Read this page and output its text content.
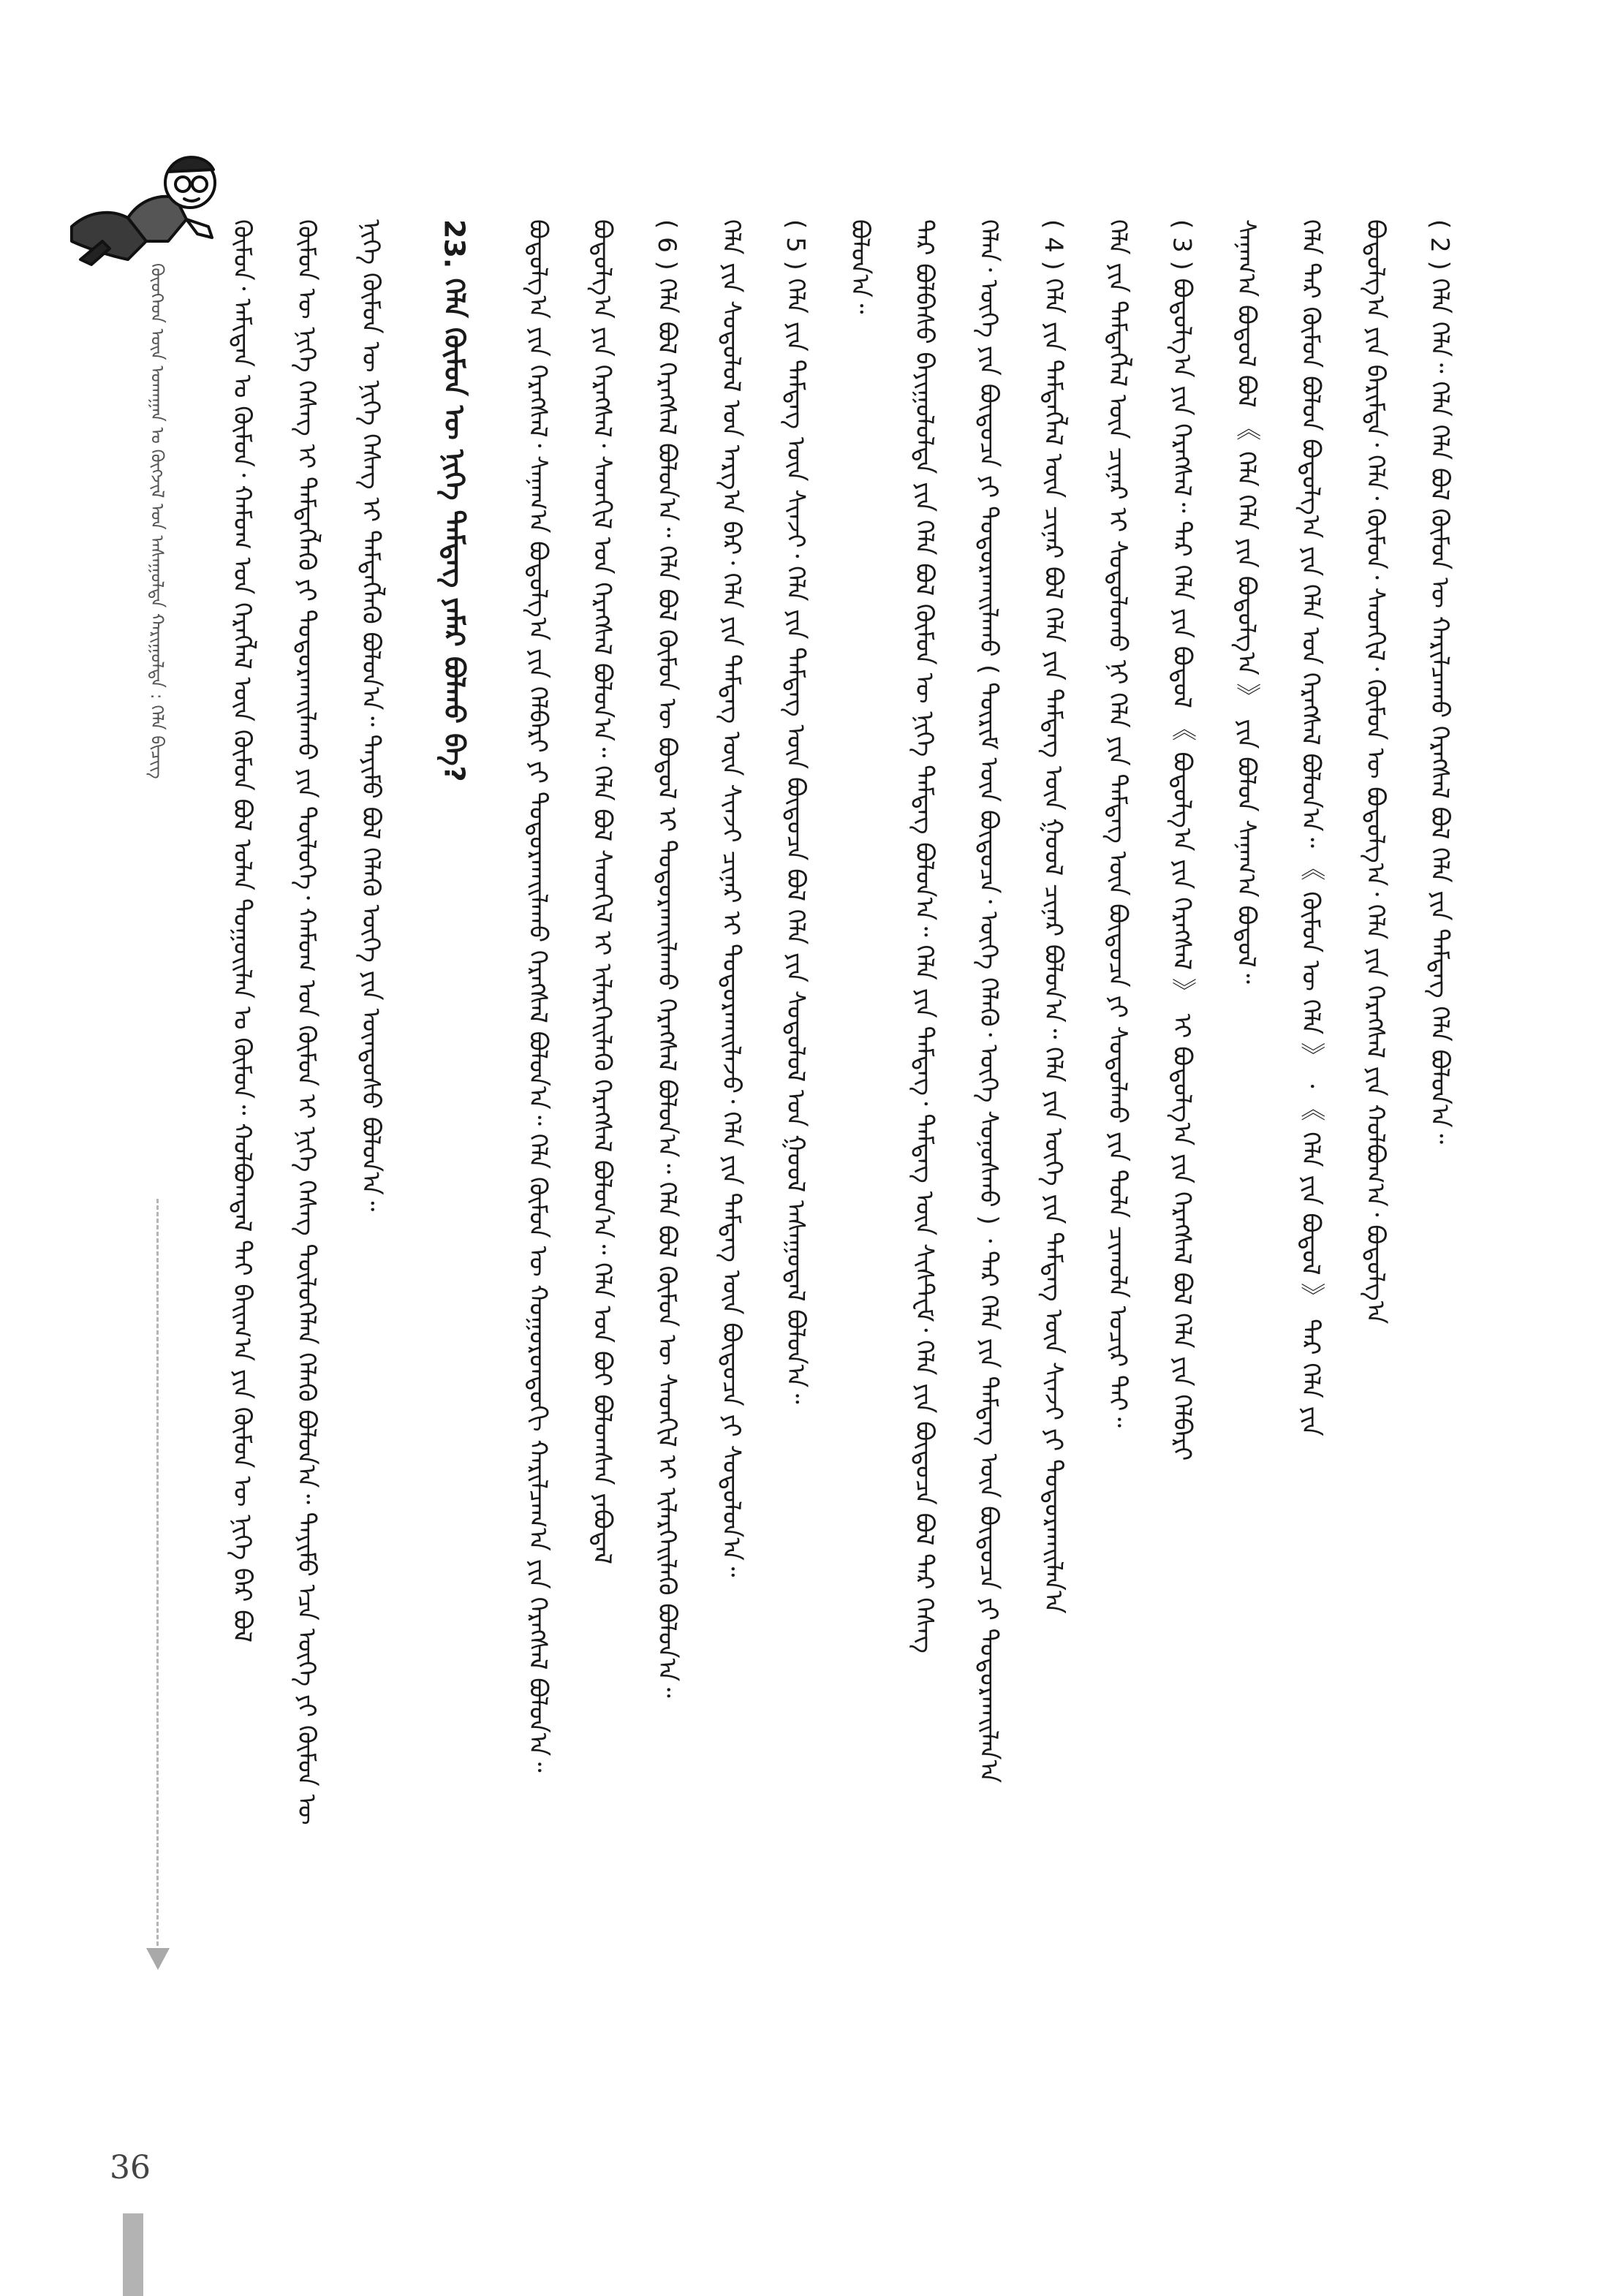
ᠬᠦᠦᠬᠡᠳ ᠦᠨ ᠤᠬᠠᠭᠠᠨ ᠤ ᠬᠥᠭᠵᠢᠯ ᠤᠨ ᠠᠰᠠᠭᠤᠯᠲᠠ ᠬᠠᠷᠢᠭᠤᠯᠲᠠ : ᠬᠡᠯᠡ ᠪᠢᠴᠢᠭ	ᠬᠦᠮᠦᠨ᠂ ᠠᠮᠢᠲᠠᠨ ᠤ ᠬᠦᠮᠦᠨ᠂ ᠬᠠᠮᠤᠭ ᠤᠨ ᠬᠡᠷᠡᠭᠯᠡᠯ ᠦᠨ ᠬᠦᠮᠦᠨ ᠪᠣᠯ ᠤᠯᠠᠨ ᠳᠣᠭᠣᠢᠯᠠᠨ ᠤ ᠬᠦᠮᠦᠨ᠃ ᠬᠣᠯᠪᠣᠭᠳᠠᠯ ᠲᠠᠢ ᠪᠠᠢᠭ᠎ᠠ ᠶᠢᠨ ᠬᠦᠮᠦᠨ ᠦ ᠨᠢᠭᠡ ᠪᠡᠷ ᠪᠣᠯ	ᠬᠦᠮᠦᠨ ᠦ ᠨᠢᠭᠡ ᠬᠡᠰᠡᠭ ᠢ ᠲᠡᠮᠳᠡᠭᠯᠡᠬᠦ ᠶᠢ ᠲᠣᠳᠣᠷᠬᠠᠢᠯᠠᠬᠤ ᠶᠢᠨ ᠲᠥᠯᠦᠭᠡ᠂ ᠬᠠᠮᠤᠭ ᠤᠨ ᠬᠦᠮᠦᠨ ᠢ ᠨᠢᠭᠡ ᠬᠡᠰᠡᠭ ᠲᠥᠯᠦᠭᠡᠯᠡᠨ ᠬᠡᠯᠡᠬᠦ ᠪᠣᠯᠣᠨ᠎ᠠ᠃ ᠲᠡᠶᠢᠮᠦ ᠡᠴᠡ ᠦᠭᠡ ᠶᠢ ᠬᠦᠮᠦᠨ ᠦ	ᠨᠢᠭᠡ ᠬᠦᠮᠦᠨ ᠦ ᠨᠢᠭᠡ ᠬᠡᠰᠡᠭ ᠢ ᠲᠡᠮᠳᠡᠭᠯᠡᠬᠦ ᠪᠣᠯᠣᠨ᠎ᠠ᠃ ᠲᠡᠶᠢᠮᠦ ᠪᠣᠯ ᠬᠡᠯᠡᠬᠦ ᠦᠭᠡ ᠶᠢᠨ ᠦᠨᠳᠦᠰᠦ ᠪᠣᠯᠤᠨ᠎ᠠ᠃ 23. ᠬᠡᠯᠡ ᠬᠦᠮᠦᠨ ᠦ ᠨᠢᠭᠡ ᠲᠡᠮᠳᠡᠭ ᠶᠠᠮᠠᠷ ᠪᠣᠯᠬᠤ ᠪᠡ?	ᠪᠣᠳᠣᠯᠭ᠎ᠠ ᠶᠢᠨ ᠬᠡᠷᠡᠭᠰᠡᠯ᠂ ᠰᠠᠨᠠᠭ᠎ᠠ ᠪᠣᠳᠣᠯᠭ᠎ᠠ ᠶᠢᠨ ᠬᠡᠯᠪᠡᠷᠢ ᠶᠢ ᠲᠣᠳᠣᠷᠬᠠᠢᠯᠠᠬᠤ ᠬᠡᠷᠡᠭᠰᠡᠯ ᠪᠣᠯᠤᠨ᠎ᠠ᠃ ᠬᠡᠯᠡ ᠬᠦᠮᠦᠨ ᠦ ᠬᠣᠭᠣᠷᠣᠨᠳᠣᠬᠢ ᠬᠠᠷᠢᠯᠴᠠᠭ᠎ᠠ ᠶᠢᠨ ᠬᠡᠷᠡᠭᠰᠡᠯ ᠪᠣᠯᠣᠨ᠎ᠠ᠃	ᠪᠣᠳᠣᠯᠭ᠎ᠠ ᠶᠢᠨ ᠬᠡᠷᠡᠭᠰᠡᠯ᠂ ᠰᠡᠳᠭᠢᠯ ᠤᠨ ᠬᠡᠷᠡᠭᠰᠡᠯ ᠪᠣᠯᠣᠨ᠎ᠠ᠃ ᠬᠡᠯᠡ ᠪᠣᠯ ᠰᠡᠳᠬᠢᠯ ᠢ ᠢᠯᠡᠷᠬᠡᠢᠯᠡᠬᠦ ᠬᠡᠷᠡᠭᠰᠡᠯ ᠪᠣᠯᠣᠨ᠎ᠠ᠃ ᠬᠡᠯᠡ ᠤᠨ ᠪᠤᠢ ᠪᠣᠯᠤᠭᠰᠠᠨ ᠶᠠᠪᠤᠳᠠᠯ	( 6 ) ᠬᠡᠯᠡ ᠪᠣᠯ ᠬᠡᠷᠡᠭᠰᠡᠯ ᠪᠣᠯᠣᠨ᠎ᠠ᠃ ᠬᠡᠯᠡ ᠪᠣᠯ ᠬᠦᠮᠦᠨ ᠦ ᠪᠣᠳᠣᠯ ᠢ ᠲᠣᠳᠣᠷᠬᠠᠢᠯᠠᠬᠤ ᠬᠡᠷᠡᠭᠰᠡᠯ ᠪᠣᠯᠣᠨ᠎ᠠ᠃ ᠬᠡᠯᠡ ᠪᠣᠯ ᠬᠦᠮᠦᠨ ᠦ ᠰᠡᠳᠬᠢᠯ ᠢ ᠢᠯᠡᠷᠬᠡᠢᠯᠡᠬᠦ ᠪᠣᠯᠣᠨ᠎ᠠ᠃	ᠬᠡᠯᠡ ᠶᠢᠨ ᠰᠤᠳᠤᠯᠤᠯ ᠤᠨ ᠠᠷᠭ᠎ᠠ ᠪᠠᠷ᠂ ᠬᠡᠯᠡ ᠶᠢᠨ ᠲᠡᠮᠳᠡᠭ ᠦᠨ ᠰᠢᠨᠵᠢ ᠴᠢᠨᠠᠷ ᠢ ᠲᠣᠳᠣᠷᠬᠠᠢᠯᠠᠵᠤ᠂ ᠬᠡᠯᠡ ᠶᠢᠨ ᠲᠡᠮᠳᠡᠭ ᠦᠨ ᠪᠦᠲᠦᠴᠡ ᠶᠢ ᠰᠤᠳᠤᠯᠤᠨ᠎ᠠ᠃	( 5 ) ᠬᠡᠯᠡ ᠶᠢᠨ ᠲᠡᠮᠳᠡᠭ ᠦᠨ ᠰᠢᠨᠵᠢ᠂ ᠬᠡᠯᠡ ᠶᠢᠨ ᠲᠡᠮᠳᠡᠭ ᠦᠨ ᠪᠦᠲᠦᠴᠡ ᠪᠣᠯ ᠬᠡᠯᠡ ᠶᠢᠨ ᠰᠤᠳᠤᠯᠤᠯ ᠤᠨ ᠭᠣᠣᠯ ᠠᠰᠠᠭᠤᠳᠠᠯ ᠪᠣᠯᠣᠨ᠎ᠠ᠃	ᠪᠣᠯᠣᠨ᠎ᠠ᠃	ᠲᠡᠷ ᠪᠣᠯᠪᠠᠰᠤ ᠪᠠᠶᠢᠭᠤᠯᠤᠯᠲᠠ ᠶᠢᠨ ᠬᠡᠯᠡ ᠪᠣᠯ ᠬᠦᠮᠦᠨ ᠦ ᠨᠢᠭᠡ ᠲᠡᠮᠳᠡᠭ ᠪᠣᠯᠤᠨ᠎ᠠ᠃ ᠬᠡᠯᠡ ᠶᠢᠨ ᠲᠡᠮᠳᠡᠭ᠂ ᠲᠡᠮᠳᠡᠭ ᠦᠨ ᠰᠢᠰᠲᠧᠮ᠂ ᠬᠡᠯᠡ ᠶᠢᠨ ᠪᠦᠲᠦᠴᠡ ᠪᠣᠯ ᠲᠡᠷ ᠬᠡᠰᠡᠭ	ᠬᠡᠯᠡᠨ᠂ ᠦᠭᠡ ᠶᠢᠨ ᠪᠦᠲᠦᠴᠡ ᠶᠢ ᠲᠣᠳᠣᠷᠬᠠᠢᠯᠠᠬᠤ ( ᠳᠦᠷᠢᠮ ᠦᠨ ᠪᠦᠲᠦᠴᠡ᠂ ᠦᠭᠡ ᠬᠡᠯᠡᠬᠦ᠂ ᠦᠭᠡ ᠰᠣᠨᠣᠰᠬᠤ ) ᠂ ᠲᠡᠷ ᠬᠡᠯᠡ ᠶᠢᠨ ᠲᠡᠮᠳᠡᠭ ᠦᠨ ᠪᠦᠲᠦᠴᠡ ᠶᠢ ᠲᠣᠳᠣᠷᠬᠠᠢᠯᠠᠨ᠎ᠠ	( 4 ) ᠬᠡᠯᠡ ᠶᠢᠨ ᠲᠡᠮᠳᠡᠭᠯᠡᠯ ᠦᠨ ᠴᠢᠨᠠᠷ ᠪᠣᠯ ᠬᠡᠯᠡ ᠶᠢᠨ ᠲᠡᠮᠳᠡᠭ ᠦᠨ ᠭᠣᠣᠯ ᠴᠢᠨᠠᠷ ᠪᠣᠯᠣᠨ᠎ᠠ᠃ ᠬᠡᠯᠡ ᠶᠢᠨ ᠦᠭᠡ ᠶᠢᠨ ᠲᠡᠮᠳᠡᠭ ᠦᠨ ᠰᠢᠨᠵᠢ ᠶᠢ ᠲᠣᠳᠣᠷᠬᠠᠢᠯᠠᠨ᠎ᠠ	ᠬᠡᠯᠡ ᠶᠢᠨ ᠲᠡᠮᠳᠡᠭᠯᠡᠯ ᠦᠨ ᠴᠢᠨᠠᠷ ᠢ ᠰᠤᠳᠤᠯᠤᠬᠤ ᠨᠢ ᠬᠡᠯᠡ ᠶᠢᠨ ᠲᠡᠮᠳᠡᠭ ᠦᠨ ᠪᠦᠲᠦᠴᠡ ᠶᠢ ᠰᠤᠳᠤᠯᠬᠤ ᠶᠢᠨ ᠲᠤᠯᠠ ᠴᠢᠬᠤᠯᠠ ᠤᠴᠢᠷ ᠲᠠᠢ᠃	( 3 ) ᠪᠣᠳᠣᠯᠭ᠎ᠠ ᠶᠢᠨ ᠬᠡᠷᠡᠭᠰᠡᠯ᠃ ᠲᠡᠷ ᠬᠡᠯᠡ ᠶᠢᠨ ᠪᠣᠳᠣᠯ 《 ᠪᠣᠳᠣᠯᠭ᠎ᠠ ᠶᠢᠨ ᠬᠡᠷᠡᠭᠰᠡᠯ 》 ᠢ ᠪᠣᠳᠣᠯᠭ᠎ᠠ ᠶᠢᠨ ᠬᠡᠷᠡᠭᠰᠡᠯ ᠪᠣᠯ ᠬᠡᠯᠡ ᠶᠢᠨ ᠬᠡᠯᠪᠡᠷᠢ	ᠰᠠᠨᠠᠭ᠎ᠠ ᠪᠣᠳᠣᠯ ᠪᠣᠯ 《 ᠬᠡᠯᠡ ᠬᠡᠯᠡ ᠶᠢᠨ ᠪᠣᠳᠣᠯᠭ᠎ᠠ 》 ᠶᠢᠨ ᠪᠣᠯᠤᠨ ᠰᠠᠨᠠᠭ᠎ᠠ ᠪᠣᠳᠣᠯ᠃	ᠬᠡᠯᠡ ᠲᠡᠷ ᠬᠦᠮᠦᠨ ᠪᠣᠯᠣᠨ ᠪᠣᠳᠣᠯᠭ᠎ᠠ ᠶᠢᠨ ᠬᠡᠯᠡ ᠤᠨ ᠬᠡᠷᠡᠭᠰᠡᠯ ᠪᠣᠯᠣᠨ᠎ᠠ᠃ 《 ᠬᠦᠮᠦᠨ ᠦ ᠬᠡᠯᠡ 》 ᠂ 《 ᠬᠡᠯᠡ ᠶᠢᠨ ᠪᠣᠳᠣᠯ 》 ᠲᠡᠷ ᠬᠡᠯᠡ ᠶᠢᠨ	ᠪᠣᠳᠣᠯᠭ᠎ᠠ ᠶᠢᠨ ᠪᠠᠷᠢᠮᠲᠠ᠂ ᠬᠡᠯᠡ᠂ ᠬᠦᠮᠦᠨ᠂ ᠰᠡᠳᠬᠢᠯ᠂ ᠬᠦᠮᠦᠨ ᠦ ᠪᠣᠳᠣᠯᠭ᠎ᠠ᠂ ᠬᠡᠯᠡ ᠶᠢᠨ ᠬᠡᠷᠡᠭᠰᠡᠯ ᠶᠢᠨ ᠬᠣᠯᠪᠣᠭ᠎ᠠ᠂ ᠪᠣᠳᠣᠯᠭ᠎ᠠ	( 2 ) ᠬᠡᠯᠡ ᠬᠡᠯᠡ᠃ ᠬᠡᠯᠡ ᠬᠡᠯᠡ ᠪᠣᠯ ᠬᠦᠮᠦᠨ ᠦ ᠬᠠᠷᠢᠯᠴᠠᠬᠤ ᠬᠡᠷᠡᠭᠰᠡᠯ ᠪᠣᠯ ᠬᠡᠯᠡ ᠶᠢᠨ ᠲᠡᠮᠳᠡᠭ ᠬᠡᠯᠡ ᠪᠣᠯᠣᠨ᠎ᠠ᠃
36
